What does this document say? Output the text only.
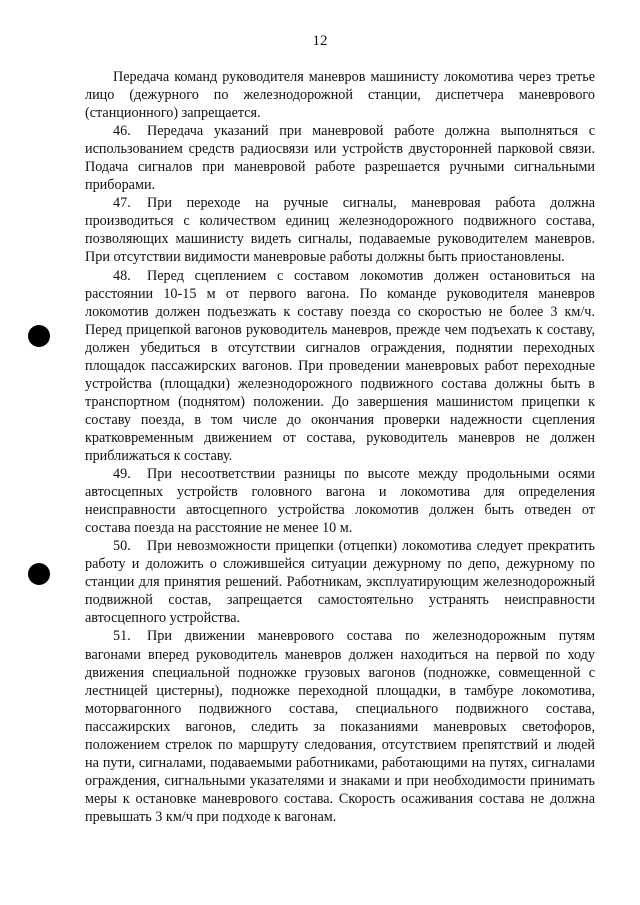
12

Передача команд руководителя маневров машинисту локомотива через третье лицо (дежурного по железнодорожной станции, диспетчера маневрового (станционного) запрещается.

46. Передача указаний при маневровой работе должна выполняться с использованием средств радиосвязи или устройств двусторонней парковой связи. Подача сигналов при маневровой работе разрешается ручными сигнальными приборами.

47. При переходе на ручные сигналы, маневровая работа должна производиться с количеством единиц железнодорожного подвижного состава, позволяющих машинисту видеть сигналы, подаваемые руководителем маневров. При отсутствии видимости маневровые работы должны быть приостановлены.

48. Перед сцеплением с составом локомотив должен остановиться на расстоянии 10-15 м от первого вагона. По команде руководителя маневров локомотив должен подъезжать к составу поезда со скоростью не более 3 км/ч. Перед прицепкой вагонов руководитель маневров, прежде чем подъехать к составу, должен убедиться в отсутствии сигналов ограждения, поднятии переходных площадок пассажирских вагонов. При проведении маневровых работ переходные устройства (площадки) железнодорожного подвижного состава должны быть в транспортном (поднятом) положении. До завершения машинистом прицепки к составу поезда, в том числе до окончания проверки надежности сцепления кратковременным движением от состава, руководитель маневров не должен приближаться к составу.

49. При несоответствии разницы по высоте между продольными осями автосцепных устройств головного вагона и локомотива для определения неисправности автосцепного устройства локомотив должен быть отведен от состава поезда на расстояние не менее 10 м.

50. При невозможности прицепки (отцепки) локомотива следует прекратить работу и доложить о сложившейся ситуации дежурному по депо, дежурному по станции для принятия решений. Работникам, эксплуатирующим железнодорожный подвижной состав, запрещается самостоятельно устранять неисправности автосцепного устройства.

51. При движении маневрового состава по железнодорожным путям вагонами вперед руководитель маневров должен находиться на первой по ходу движения специальной подножке грузовых вагонов (подножке, совмещенной с лестницей цистерны), подножке переходной площадки, в тамбуре локомотива, моторвагонного подвижного состава, специального подвижного состава, пассажирских вагонов, следить за показаниями маневровых светофоров, положением стрелок по маршруту следования, отсутствием препятствий и людей на пути, сигналами, подаваемыми работниками, работающими на путях, сигналами ограждения, сигнальными указателями и знаками и при необходимости принимать меры к остановке маневрового состава. Скорость осаживания состава не должна превышать 3 км/ч при подходе к вагонам.
